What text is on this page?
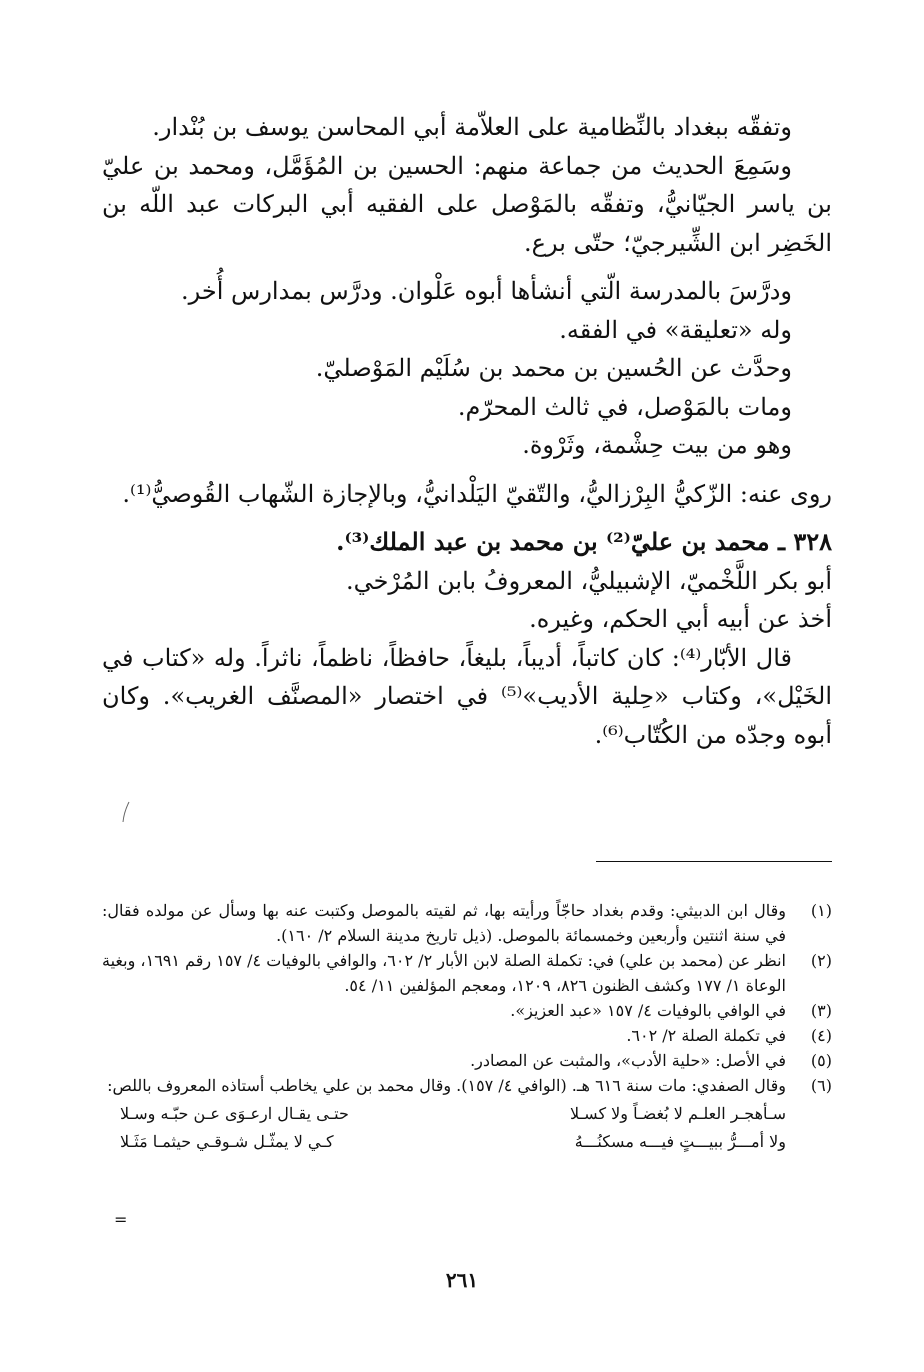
وتفقّه ببغداد بالنِّظامية على العلاّمة أبي المحاسن يوسف بن بُنْدار.

وسَمِعَ الحديث من جماعة منهم: الحسين بن المُؤَمَّل، ومحمد بن عليّ بن ياسر الجيّانيُّ، وتفقّه بالمَوْصل على الفقيه أبي البركات عبد اللّه بن الخَضِر ابن الشِّيرجيّ؛ حتّى برع.

ودرَّسَ بالمدرسة الّتي أنشأها أبوه عَلْوان. ودرَّس بمدارس أُخر.

وله «تعليقة» في الفقه.

وحدَّث عن الحُسين بن محمد بن سُلَيْم المَوْصليّ.

ومات بالمَوْصل، في ثالث المحرّم.

وهو من بيت حِشْمة، وثَرْوة.

روى عنه: الزّكيُّ البِرْزاليُّ، والتّقيّ اليَلْدانيُّ، وبالإجازة الشّهاب القُوصيُّ⁽¹⁾.

٣٢٨ ـ محمد بن عليّ⁽²⁾ بن محمد بن عبد الملك⁽³⁾.

أبو بكر اللَّخْميّ، الإشبيليُّ، المعروفُ بابن المُرْخي.

أخذ عن أبيه أبي الحكم، وغيره.

قال الأبّار⁽⁴⁾: كان كاتباً، أديباً، بليغاً، حافظاً، ناظماً، ناثراً. وله «كتاب في الخَيْل»، وكتاب «حِلية الأديب»⁽⁵⁾ في اختصار «المصنَّف الغريب». وكان أبوه وجدّه من الكُتّاب⁽⁶⁾.

(١)
وقال ابن الدبيثي: وقدم بغداد حاجّاً ورأيته بها، ثم لقيته بالموصل وكتبت عنه بها وسأل عن مولده فقال: في سنة اثنتين وأربعين وخمسمائة بالموصل. (ذيل تاريخ مدينة السلام ٢/ ١٦٠).

(٢)
انظر عن (محمد بن علي) في: تكملة الصلة لابن الأبار ٢/ ٦٠٢، والوافي بالوفيات ٤/ ١٥٧ رقم ١٦٩١، وبغية الوعاة ١/ ١٧٧ وكشف الظنون ٨٢٦، ١٢٠٩، ومعجم المؤلفين ١١/ ٥٤.

(٣)
في الوافي بالوفيات ٤/ ١٥٧ «عبد العزيز».

(٤)
في تكملة الصلة ٢/ ٦٠٢.

(٥)
في الأصل: «حلية الأدب»، والمثبت عن المصادر.

(٦)
وقال الصفدي: مات سنة ٦١٦ هـ. (الوافي ٤/ ١٥٧). وقال محمد بن علي يخاطب أستاذه المعروف باللص:

سـأهجـر العلـم لا بُغضـاً ولا كسـلا
حتـى يقـال ارعـوَى عـن حبّـه وسـلا
ولا أمـــرُّ ببيـــتٍ فيـــه مسكنُـــهُ
كـي لا يمثّـل شـوقـي حيثمـا مَثَـلا
=
٢٦١
